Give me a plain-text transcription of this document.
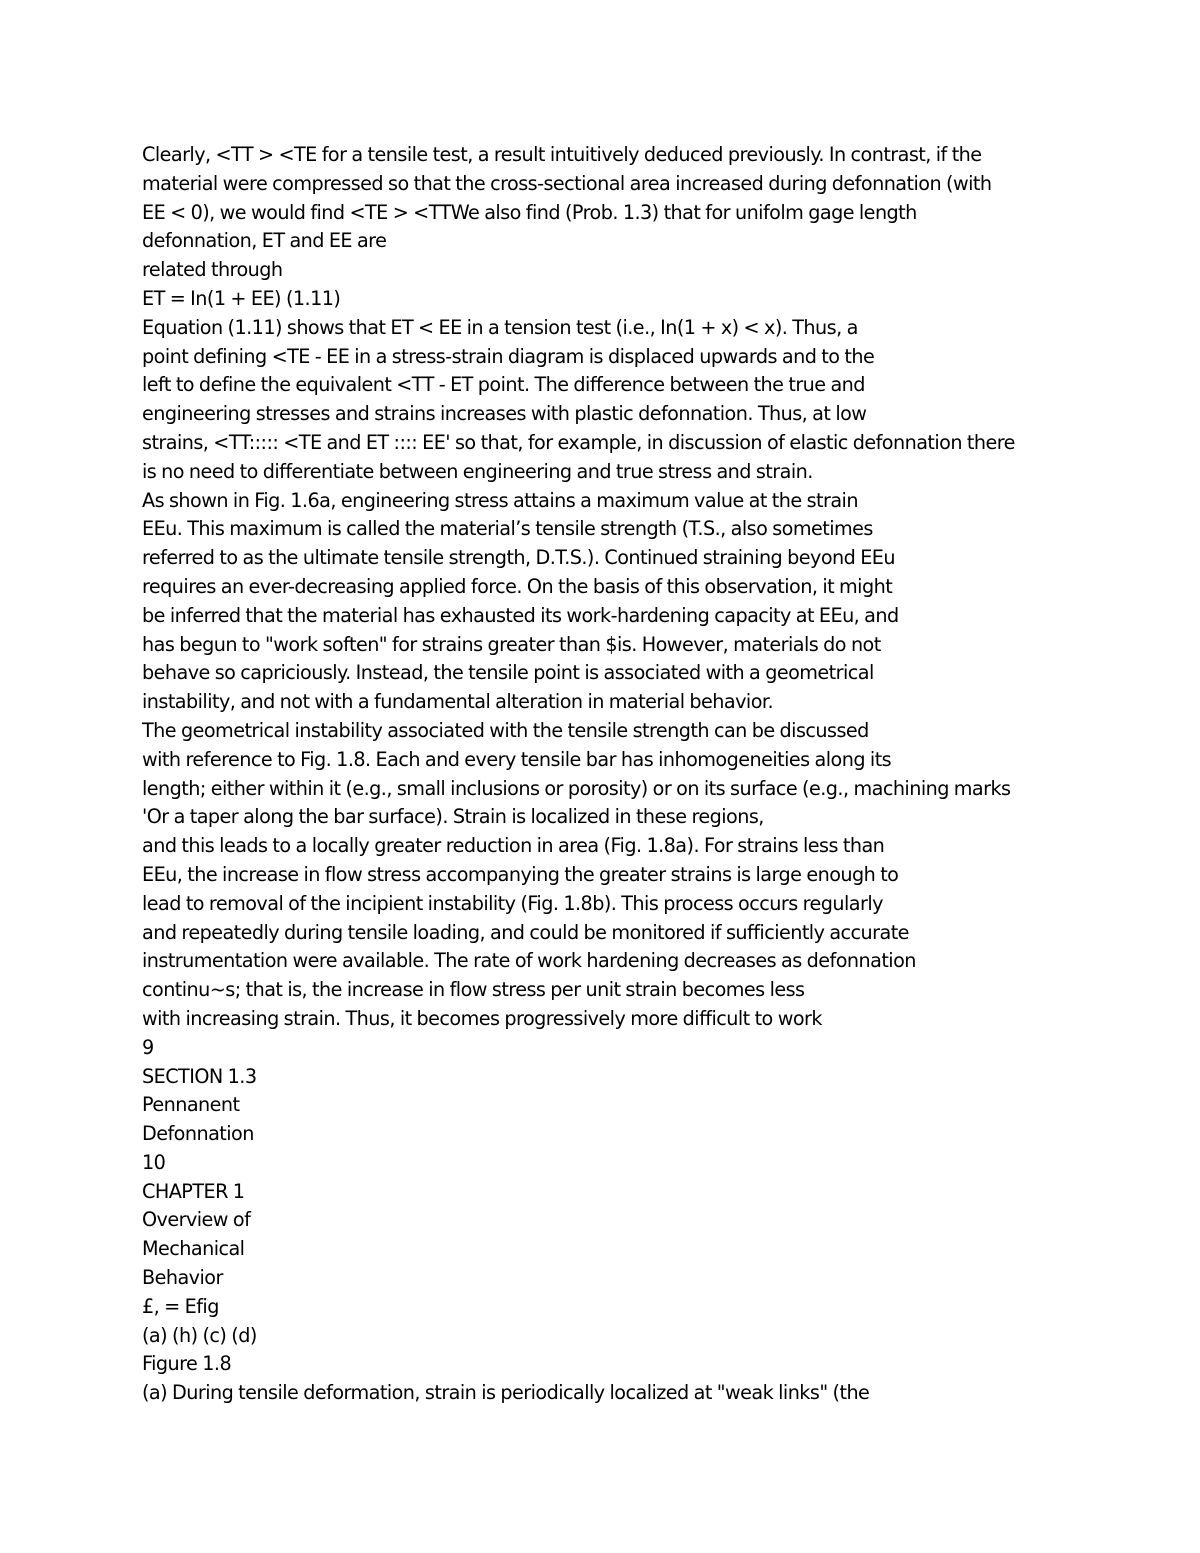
Clearly, <TT > <TE for a tensile test, a result intuitively deduced previously. In contrast, if the
material were compressed so that the cross-sectional area increased during defonnation (with
EE < 0), we would find <TE > <TTWe also find (Prob. 1.3) that for unifolm gage length
defonnation, ET and EE are
related through
ET = In(1 + EE) (1.11)
Equation (1.11) shows that ET < EE in a tension test (i.e., In(1 + x) < x). Thus, a
point defining <TE - EE in a stress-strain diagram is displaced upwards and to the
left to define the equivalent <TT - ET point. The difference between the true and
engineering stresses and strains increases with plastic defonnation. Thus, at low
strains, <TT::::: <TE and ET :::: EE' so that, for example, in discussion of elastic defonnation there
is no need to differentiate between engineering and true stress and strain.
As shown in Fig. 1.6a, engineering stress attains a maximum value at the strain
EEu. This maximum is called the material’s tensile strength (T.S., also sometimes
referred to as the ultimate tensile strength, D.T.S.). Continued straining beyond EEu
requires an ever-decreasing applied force. On the basis of this observation, it might
be inferred that the material has exhausted its work-hardening capacity at EEu, and
has begun to "work soften" for strains greater than $is. However, materials do not
behave so capriciously. Instead, the tensile point is associated with a geometrical
instability, and not with a fundamental alteration in material behavior.
The geometrical instability associated with the tensile strength can be discussed
with reference to Fig. 1.8. Each and every tensile bar has inhomogeneities along its
length; either within it (e.g., small inclusions or porosity) or on its surface (e.g., machining marks
'Or a taper along the bar surface). Strain is localized in these regions,
and this leads to a locally greater reduction in area (Fig. 1.8a). For strains less than
EEu, the increase in flow stress accompanying the greater strains is large enough to
lead to removal of the incipient instability (Fig. 1.8b). This process occurs regularly
and repeatedly during tensile loading, and could be monitored if sufficiently accurate
instrumentation were available. The rate of work hardening decreases as defonnation
continu~s; that is, the increase in flow stress per unit strain becomes less
with increasing strain. Thus, it becomes progressively more difficult to work
9
SECTION 1.3
Pennanent
Defonnation
10
CHAPTER 1
Overview of
Mechanical
Behavior
£, = Efig
(a) (h) (c) (d)
Figure 1.8
(a) During tensile deformation, strain is periodically localized at "weak links" (the
